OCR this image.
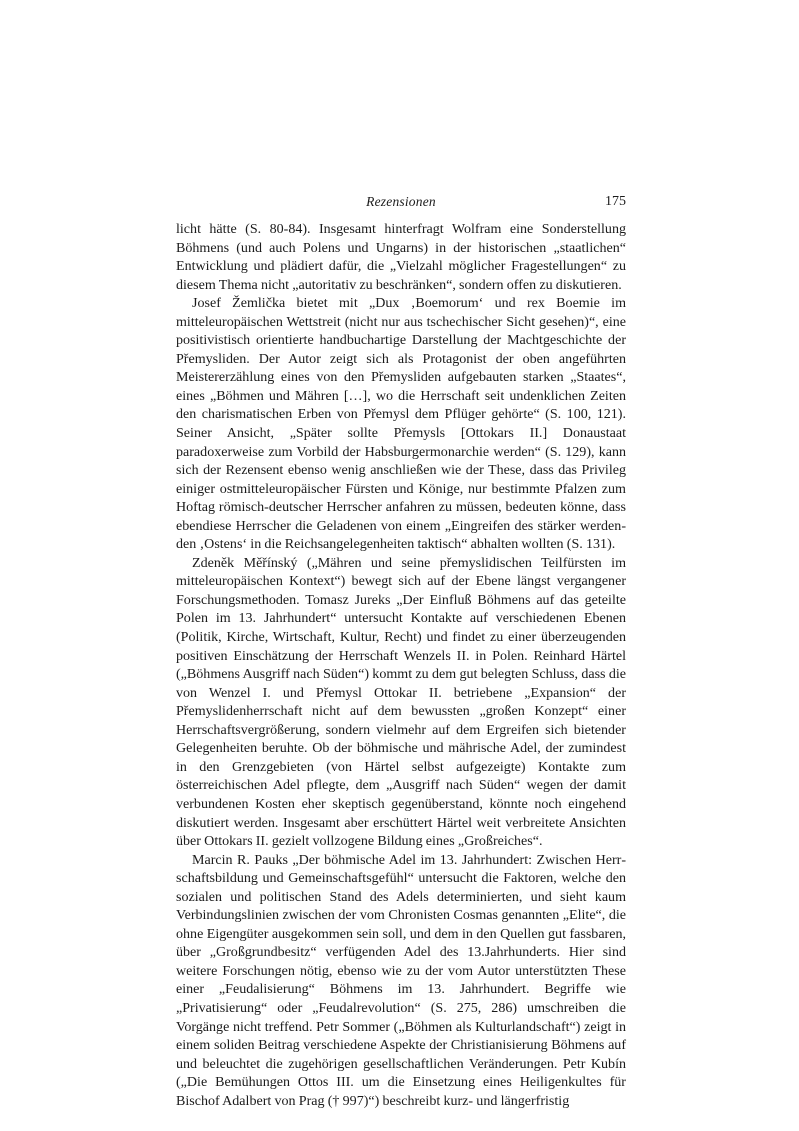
Rezensionen	175

licht hätte (S. 80-84). Insgesamt hinterfragt Wolfram eine Sonderstellung Böhmens (und auch Polens und Ungarns) in der historischen „staatlichen“ Entwicklung und plädiert dafür, die „Vielzahl möglicher Fragestellungen“ zu diesem Thema nicht „autoritativ zu beschränken“, sondern offen zu diskutieren.

Josef Žemlička bietet mit „Dux ‚Boemorum‘ und rex Boemie im mitteleuropäischen Wettstreit (nicht nur aus tschechischer Sicht gesehen)“, eine positivistisch orientierte handbuchartige Darstellung der Machtgeschichte der Přemysliden. Der Autor zeigt sich als Protagonist der oben angeführten Meistererzählung eines von den Přemysliden aufgebauten starken „Staates“, eines „Böhmen und Mähren […], wo die Herrschaft seit undenklichen Zeiten den charismatischen Erben von Přemysl dem Pflüger gehörte“ (S. 100, 121). Seiner Ansicht, „Später sollte Přemysls [Ottokars II.] Donaustaat paradoxerweise zum Vorbild der Habsburgermonarchie werden“ (S. 129), kann sich der Rezensent ebenso wenig anschließen wie der These, dass das Privileg einiger ostmitteleuropäischer Fürsten und Könige, nur bestimmte Pfalzen zum Hoftag römisch-deutscher Herrscher anfahren zu müssen, bedeuten könne, dass ebendiese Herrscher die Geladenen von einem „Eingreifen des stärker werdenden ‚Ostens‘ in die Reichsangelegenheiten taktisch“ abhalten wollten (S. 131).

Zdeněk Měřínský („Mähren und seine přemyslidischen Teilfürsten im mitteleuropäischen Kontext“) bewegt sich auf der Ebene längst vergangener Forschungsmethoden. Tomasz Jureks „Der Einfluß Böhmens auf das geteilte Polen im 13. Jahrhundert“ untersucht Kontakte auf verschiedenen Ebenen (Politik, Kirche, Wirtschaft, Kultur, Recht) und findet zu einer überzeugenden positiven Einschätzung der Herrschaft Wenzels II. in Polen. Reinhard Härtel („Böhmens Ausgriff nach Süden“) kommt zu dem gut belegten Schluss, dass die von Wenzel I. und Přemysl Ottokar II. betriebene „Expansion“ der Přemyslidenherrschaft nicht auf dem bewussten „großen Konzept“ einer Herrschaftsvergrößerung, sondern vielmehr auf dem Ergreifen sich bietender Gelegenheiten beruhte. Ob der böhmische und mährische Adel, der zumindest in den Grenzgebieten (von Härtel selbst aufgezeigte) Kontakte zum österreichischen Adel pflegte, dem „Ausgriff nach Süden“ wegen der damit verbundenen Kosten eher skeptisch gegenüberstand, könnte noch eingehend diskutiert werden. Insgesamt aber erschüttert Härtel weit verbreitete Ansichten über Ottokars II. gezielt vollzogene Bildung eines „Großreiches“.

Marcin R. Pauks „Der böhmische Adel im 13. Jahrhundert: Zwischen Herrschaftsbildung und Gemeinschaftsgefühl“ untersucht die Faktoren, welche den sozialen und politischen Stand des Adels determinierten, und sieht kaum Verbindungslinien zwischen der vom Chronisten Cosmas genannten „Elite“, die ohne Eigengüter ausgekommen sein soll, und dem in den Quellen gut fassbaren, über „Großgrundbesitz“ verfügenden Adel des 13.Jahrhunderts. Hier sind weitere Forschungen nötig, ebenso wie zu der vom Autor unterstützten These einer „Feudalisierung“ Böhmens im 13. Jahrhundert. Begriffe wie „Privatisierung“ oder „Feudalrevolution“ (S. 275, 286) umschreiben die Vorgänge nicht treffend. Petr Sommer („Böhmen als Kulturlandschaft“) zeigt in einem soliden Beitrag verschiedene Aspekte der Christianisierung Böhmens auf und beleuchtet die zugehörigen gesellschaftlichen Veränderungen. Petr Kubín („Die Bemühungen Ottos III. um die Einsetzung eines Heiligenkultes für Bischof Adalbert von Prag († 997)“) beschreibt kurz- und längerfristig
